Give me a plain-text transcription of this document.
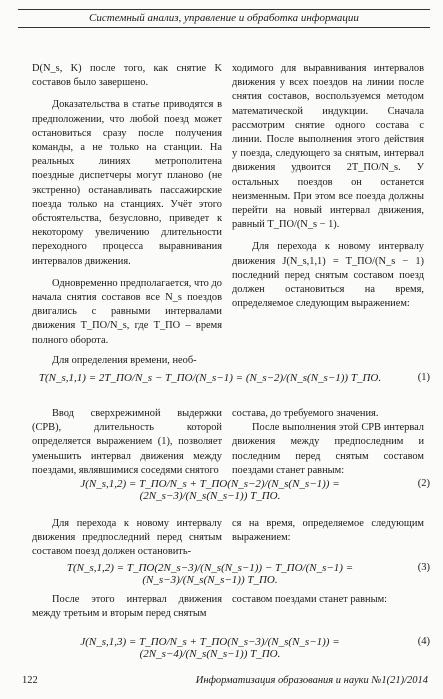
Системный анализ, управление и обработка информации

D(N_s, K) после того, как снятие K составов было завершено.

Доказательства в статье приводятся в предположении, что любой поезд может остановиться сразу после получения команды, а не только на станции. На реальных линиях метрополитена поездные диспетчеры могут планово (не экстренно) останавливать пассажирские поезда только на станциях. Учёт этого обстоятельства, безусловно, приведет к некоторому увеличению длительности переходного процесса выравнивания интервалов движения.

Одновременно предполагается, что до начала снятия составов все N_s поездов двигались с равными интервалами движения T_ПО/N_s, где T_ПО – время полного оборота.

Для определения времени, необ-

ходимого для выравнивания интервалов движения у всех поездов на линии после снятия составов, воспользуемся методом математической индукции. Сначала рассмотрим снятие одного состава с линии. После выполнения этого действия у поезда, следующего за снятым, интервал движения удвоится 2T_ПО/N_s. У остальных поездов он останется неизменным. При этом все поезда должны перейти на новый интервал движения, равный T_ПО/(N_s − 1).

Для перехода к новому интервалу движения J(N_s,1,1) = T_ПО/(N_s − 1) последний перед снятым составом поезд должен остановиться на время, определяемое следующим выражением:

T(N_s,1,1) = 2T_ПО/N_s − T_ПО/(N_s−1) = (N_s−2)/(N_s(N_s−1)) T_ПО.	(1)

Ввод сверхрежимной выдержки (СРВ), длительность которой определяется выражением (1), позволяет уменьшить интервал движения между поездами, являвшимися соседями снятого

состава, до требуемого значения.

После выполнения этой СРВ интервал движения между предпоследним и последним перед снятым составом поездами станет равным:

J(N_s,1,2) = T_ПО/N_s + T_ПО(N_s−2)/(N_s(N_s−1)) = (2N_s−3)/(N_s(N_s−1)) T_ПО.
(2)

Для перехода к новому интервалу движения предпоследний перед снятым составом поезд должен остановить-

ся на время, определяемое следующим выражением:

T(N_s,1,2) = T_ПО(2N_s−3)/(N_s(N_s−1)) − T_ПО/(N_s−1) = (N_s−3)/(N_s(N_s−1)) T_ПО.
(3)

После этого интервал движения между третьим и вторым перед снятым

составом поездами станет равным:

J(N_s,1,3) = T_ПО/N_s + T_ПО(N_s−3)/(N_s(N_s−1)) = (2N_s−4)/(N_s(N_s−1)) T_ПО.
(4)
122	Информатизация образования и науки №1(21)/2014
